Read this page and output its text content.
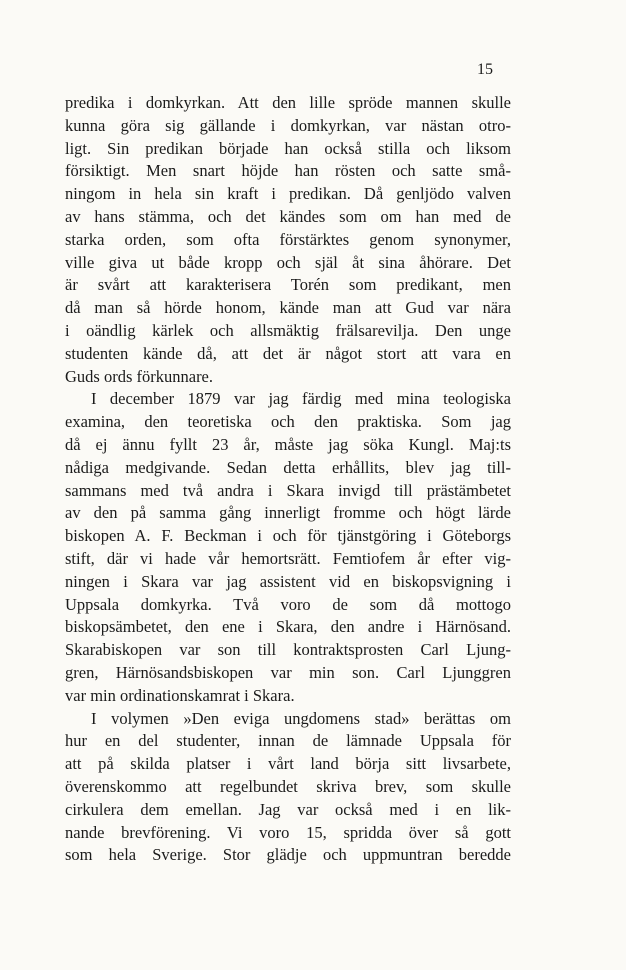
15
predika i domkyrkan. Att den lille spröde mannen skulle
kunna göra sig gällande i domkyrkan, var nästan otro-
ligt. Sin predikan började han också stilla och liksom
försiktigt. Men snart höjde han rösten och satte små-
ningom in hela sin kraft i predikan. Då genljödo valven
av hans stämma, och det kändes som om han med de
starka orden, som ofta förstärktes genom synonymer,
ville giva ut både kropp och själ åt sina åhörare. Det
är svårt att karakterisera Torén som predikant, men
då man så hörde honom, kände man att Gud var nära
i oändlig kärlek och allsmäktig frälsarevilja. Den unge
studenten kände då, att det är något stort att vara en
Guds ords förkunnare.
I december 1879 var jag färdig med mina teologiska
examina, den teoretiska och den praktiska. Som jag
då ej ännu fyllt 23 år, måste jag söka Kungl. Maj:ts
nådiga medgivande. Sedan detta erhållits, blev jag till-
sammans med två andra i Skara invigd till prästämbetet
av den på samma gång innerligt fromme och högt lärde
biskopen A. F. Beckman i och för tjänstgöring i Göteborgs
stift, där vi hade vår hemortsrätt. Femtiofem år efter vig-
ningen i Skara var jag assistent vid en biskopsvigning i
Uppsala domkyrka. Två voro de som då mottogo
biskopsämbetet, den ene i Skara, den andre i Härnösand.
Skarabiskopen var son till kontraktsprosten Carl Ljung-
gren, Härnösandsbiskopen var min son. Carl Ljunggren
var min ordinationskamrat i Skara.
I volymen »Den eviga ungdomens stad» berättas om
hur en del studenter, innan de lämnade Uppsala för
att på skilda platser i vårt land börja sitt livsarbete,
överenskommo att regelbundet skriva brev, som skulle
cirkulera dem emellan. Jag var också med i en lik-
nande brevförening. Vi voro 15, spridda över så gott
som hela Sverige. Stor glädje och uppmuntran beredde
